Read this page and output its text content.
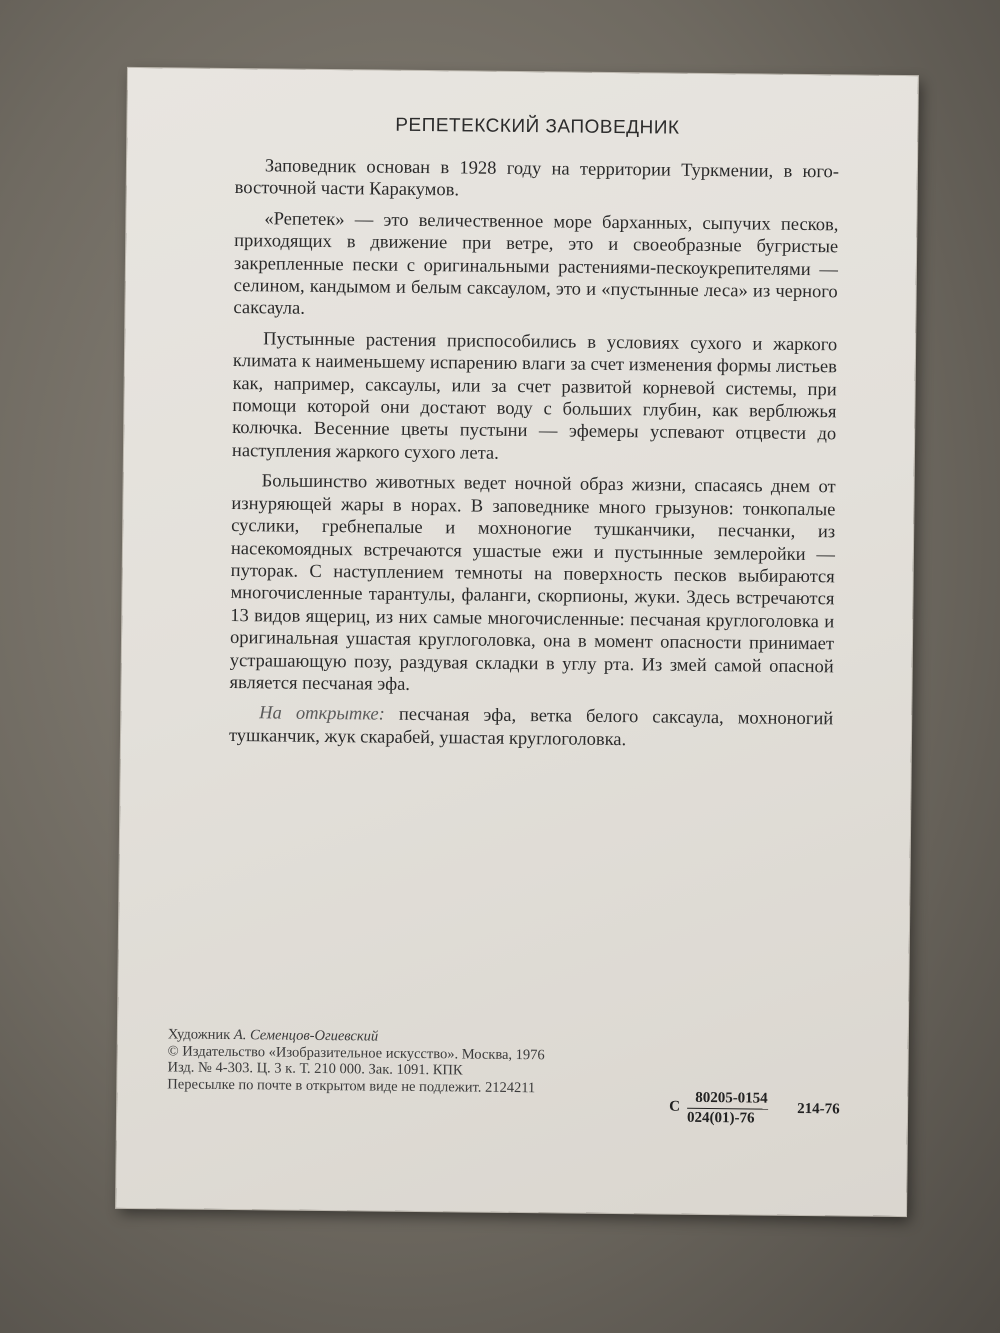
РЕПЕТЕКСКИЙ ЗАПОВЕДНИК

Заповедник основан в 1928 году на территории Туркмении, в юго-восточной части Каракумов.

«Репетек» — это величественное море барханных, сыпучих песков, приходящих в движение при ветре, это и своеобразные бугристые закрепленные пески с оригинальными растениями-пескоукрепителями — селином, кандымом и белым саксаулом, это и «пустынные леса» из черного саксаула.

Пустынные растения приспособились в условиях сухого и жаркого климата к наименьшему испарению влаги за счет изменения формы листьев как, например, саксаулы, или за счет развитой корневой системы, при помощи которой они достают воду с больших глубин, как верблюжья колючка. Весенние цветы пустыни — эфемеры успевают отцвести до наступления жаркого сухого лета.

Большинство животных ведет ночной образ жизни, спасаясь днем от изнуряющей жары в норах. В заповеднике много грызунов: тонкопалые суслики, гребнепалые и мохноногие тушканчики, песчанки, из насекомоядных встречаются ушастые ежи и пустынные землеройки — путорак. С наступлением темноты на поверхность песков выбираются многочисленные тарантулы, фаланги, скорпионы, жуки. Здесь встречаются 13 видов ящериц, из них самые многочисленные: песчаная круглоголовка и оригинальная ушастая круглоголовка, она в момент опасности принимает устрашающую позу, раздувая складки в углу рта. Из змей самой опасной является песчаная эфа.

На открытке: песчаная эфа, ветка белого саксаула, мохноногий тушканчик, жук скарабей, ушастая круглоголовка.

Художник А. Семенцов-Огиевский
© Издательство «Изобразительное искусство». Москва, 1976
Изд. № 4-303. Ц. 3 к. Т. 210 000. Зак. 1091. КПК
Пересылке по почте в открытом виде не подлежит. 2124211
С $\frac{80205-0154}{024(01)-76} 214-76$
